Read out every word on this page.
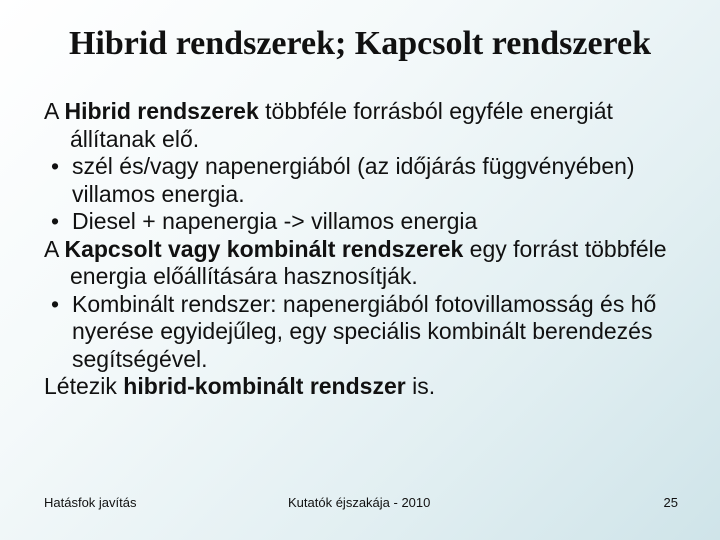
Hibrid rendszerek; Kapcsolt rendszerek

A Hibrid rendszerek többféle forrásból egyféle energiát állítanak elő.

• szél és/vagy napenergiából (az időjárás függvényében) villamos energia.

• Diesel + napenergia -> villamos energia

A Kapcsolt vagy kombinált rendszerek egy forrást többféle energia előállítására hasznosítják.

• Kombinált rendszer: napenergiából fotovillamosság és hő nyerése egyidejűleg, egy speciális kombinált berendezés segítségével.

Létezik hibrid-kombinált rendszer is.

Hatásfok javítás	Kutatók éjszakája - 2010	25
